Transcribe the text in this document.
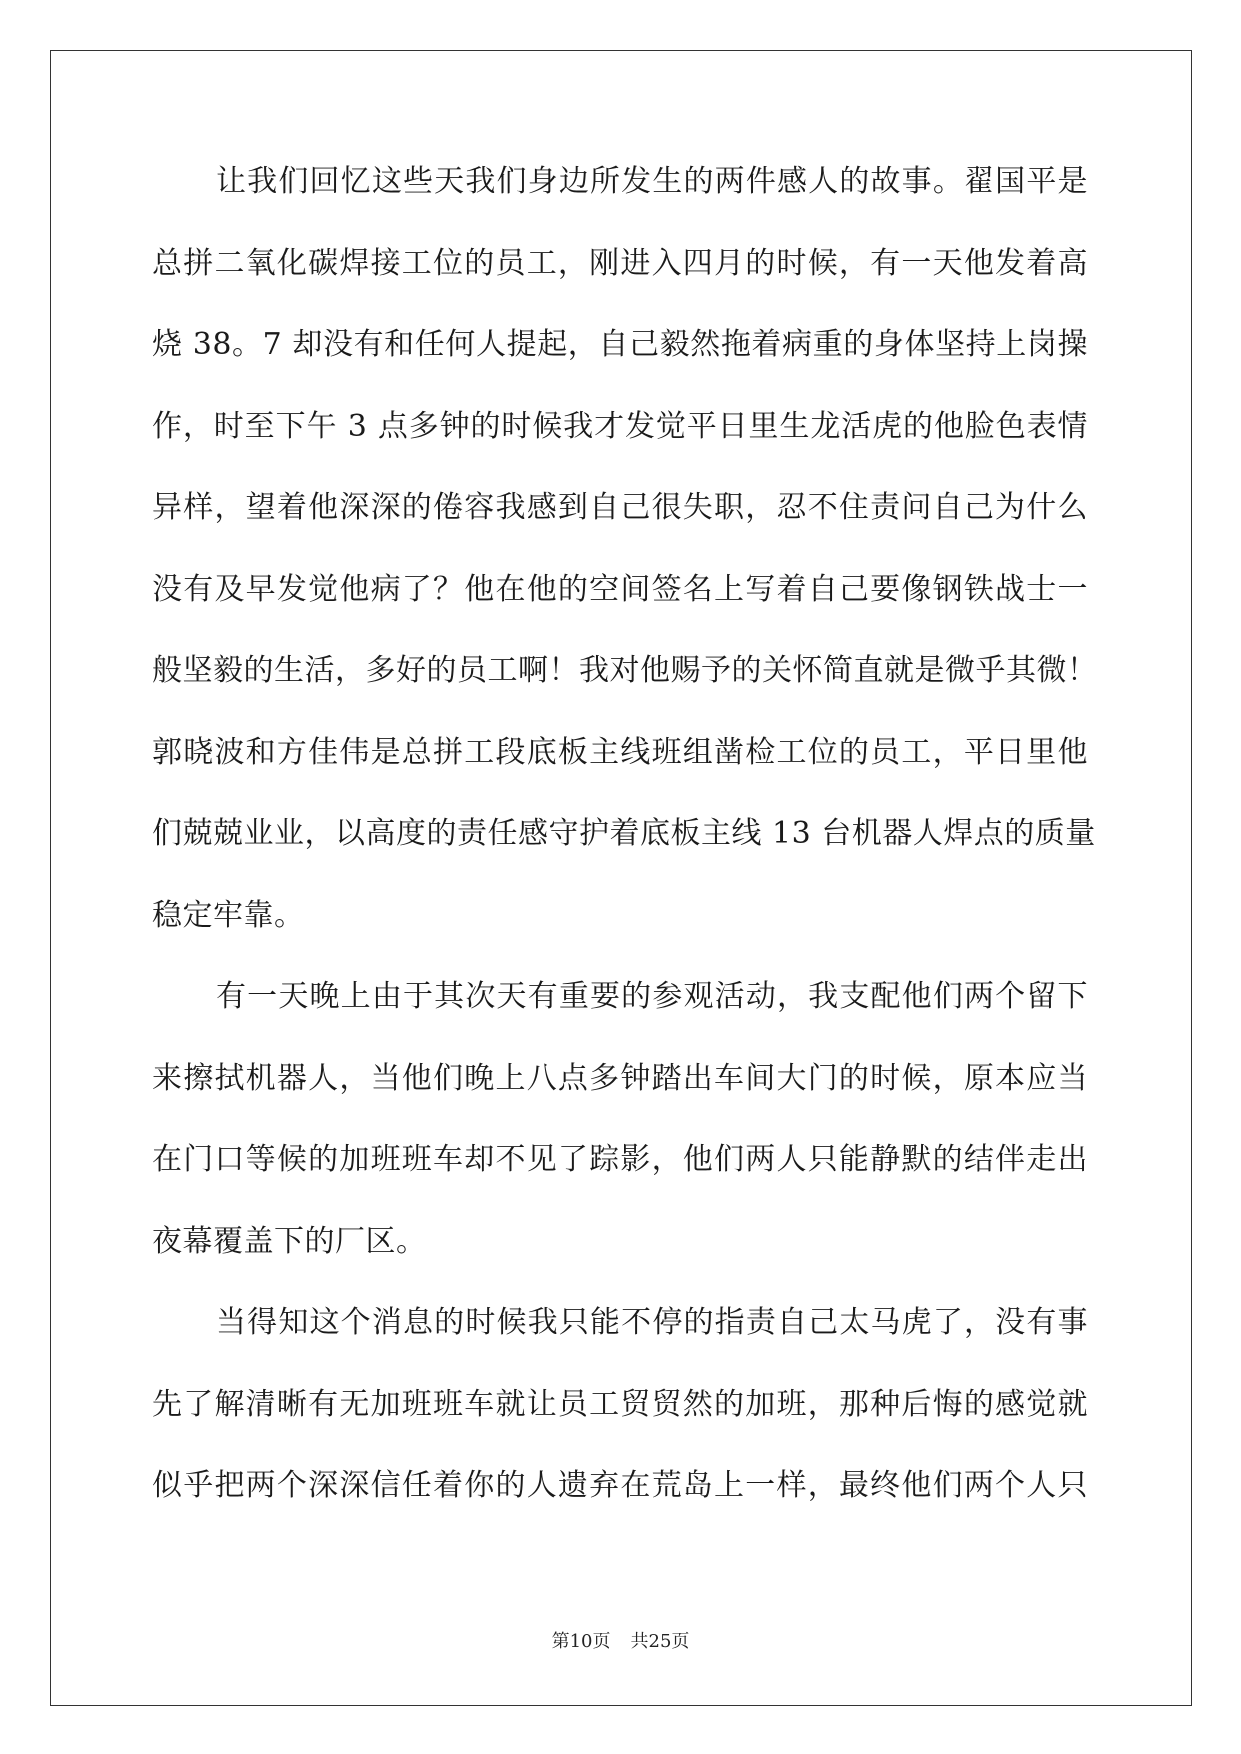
让我们回忆这些天我们身边所发生的两件感人的故事。翟国平是
总拼二氧化碳焊接工位的员工，刚进入四月的时候，有一天他发着高
烧 38。7 却没有和任何人提起，自己毅然拖着病重的身体坚持上岗操
作，时至下午 3 点多钟的时候我才发觉平日里生龙活虎的他脸色表情
异样，望着他深深的倦容我感到自己很失职，忍不住责问自己为什么
没有及早发觉他病了？他在他的空间签名上写着自己要像钢铁战士一
般坚毅的生活，多好的员工啊！我对他赐予的关怀简直就是微乎其微！
郭晓波和方佳伟是总拼工段底板主线班组凿检工位的员工，平日里他
们兢兢业业，以高度的责任感守护着底板主线 13 台机器人焊点的质量
稳定牢靠。
有一天晚上由于其次天有重要的参观活动，我支配他们两个留下
来擦拭机器人，当他们晚上八点多钟踏出车间大门的时候，原本应当
在门口等候的加班班车却不见了踪影，他们两人只能静默的结伴走出
夜幕覆盖下的厂区。
当得知这个消息的时候我只能不停的指责自己太马虎了，没有事
先了解清晰有无加班班车就让员工贸贸然的加班，那种后悔的感觉就
似乎把两个深深信任着你的人遗弃在荒岛上一样，最终他们两个人只
第10页 共25页
